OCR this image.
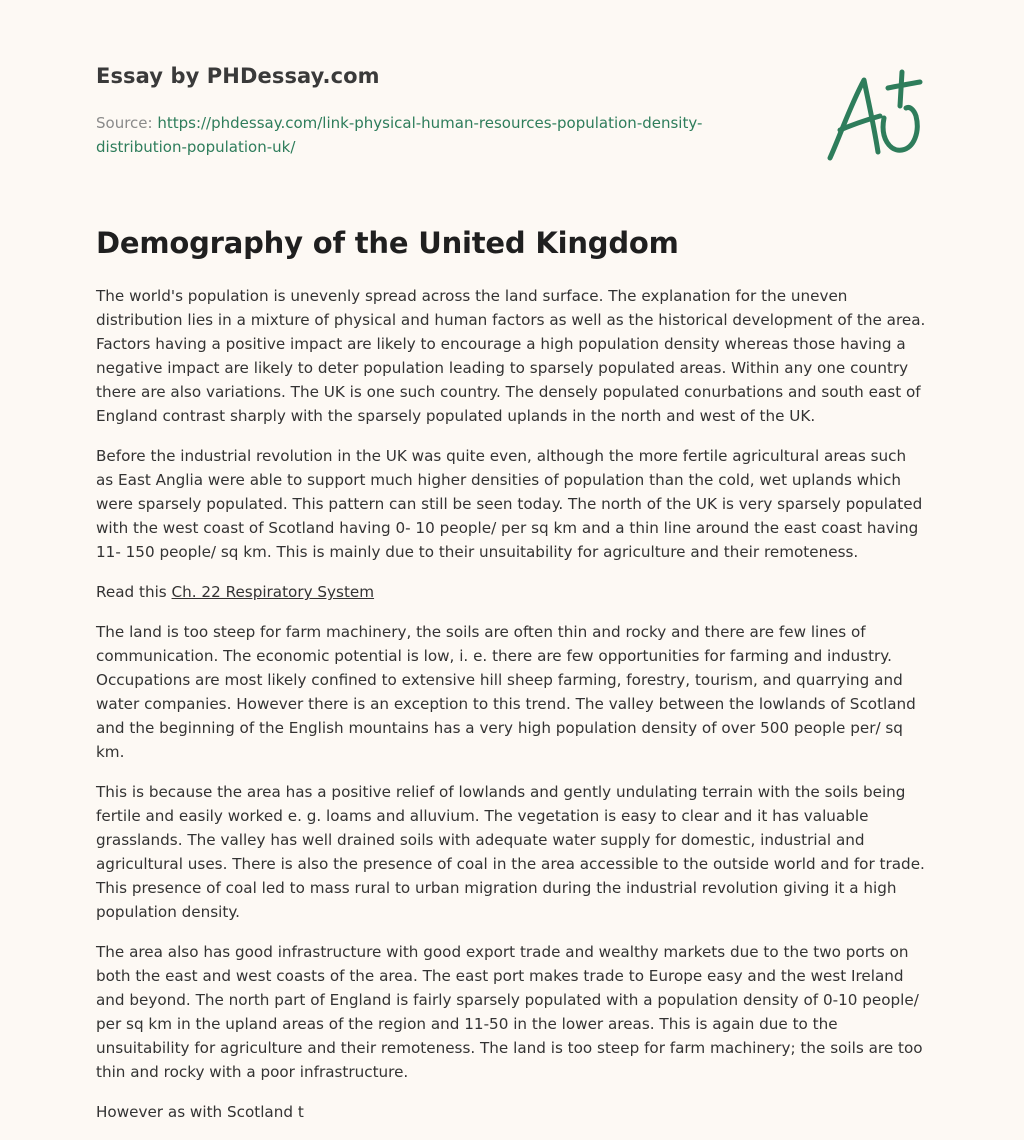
Essay by PHDessay.com
Source: https://phdessay.com/link-physical-human-resources-population-density-distribution-population-uk/
Demography of the United Kingdom

The world's population is unevenly spread across the land surface. The explanation for the uneven distribution lies in a mixture of physical and human factors as well as the historical development of the area. Factors having a positive impact are likely to encourage a high population density whereas those having a negative impact are likely to deter population leading to sparsely populated areas. Within any one country there are also variations. The UK is one such country. The densely populated conurbations and south east of England contrast sharply with the sparsely populated uplands in the north and west of the UK.

Before the industrial revolution in the UK was quite even, although the more fertile agricultural areas such as East Anglia were able to support much higher densities of population than the cold, wet uplands which were sparsely populated. This pattern can still be seen today. The north of the UK is very sparsely populated with the west coast of Scotland having 0- 10 people/ per sq km and a thin line around the east coast having 11- 150 people/ sq km. This is mainly due to their unsuitability for agriculture and their remoteness.

Read this Ch. 22 Respiratory System

The land is too steep for farm machinery, the soils are often thin and rocky and there are few lines of communication. The economic potential is low, i. e. there are few opportunities for farming and industry. Occupations are most likely confined to extensive hill sheep farming, forestry, tourism, and quarrying and water companies. However there is an exception to this trend. The valley between the lowlands of Scotland and the beginning of the English mountains has a very high population density of over 500 people per/ sq km.

This is because the area has a positive relief of lowlands and gently undulating terrain with the soils being fertile and easily worked e. g. loams and alluvium. The vegetation is easy to clear and it has valuable grasslands. The valley has well drained soils with adequate water supply for domestic, industrial and agricultural uses. There is also the presence of coal in the area accessible to the outside world and for trade. This presence of coal led to mass rural to urban migration during the industrial revolution giving it a high population density.

The area also has good infrastructure with good export trade and wealthy markets due to the two ports on both the east and west coasts of the area. The east port makes trade to Europe easy and the west Ireland and beyond. The north part of England is fairly sparsely populated with a population density of 0-10 people/ per sq km in the upland areas of the region and 11-50 in the lower areas. This is again due to the unsuitability for agriculture and their remoteness. The land is too steep for farm machinery; the soils are too thin and rocky with a poor infrastructure.

However as with Scotland t
